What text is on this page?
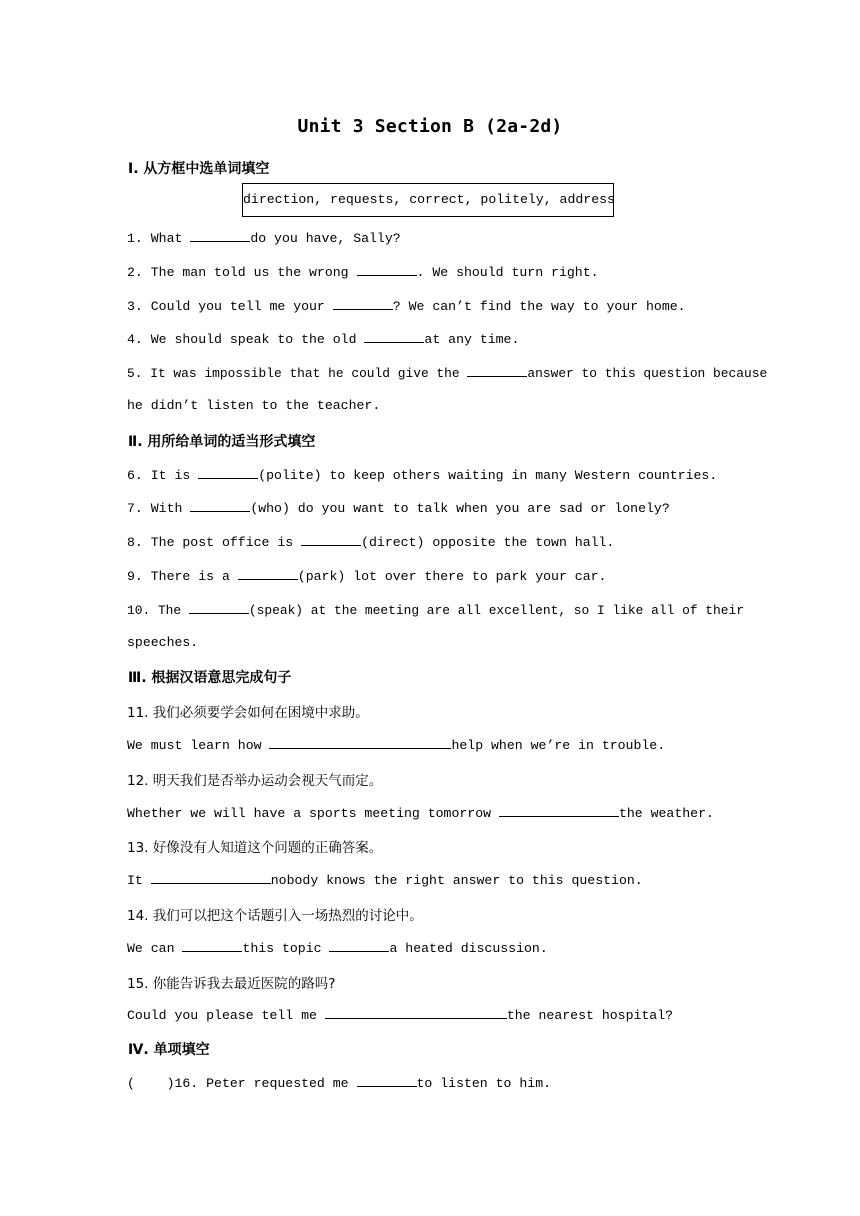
Unit 3 Section B (2a-2d)
Ⅰ. 从方框中选单词填空
direction, requests, correct, politely, address
1. What	do you have, Sally?
2. The man told us the wrong	. We should turn right.
3. Could you tell me your	? We can’t find the way to your home.
4. We should speak to the old	at any time.
5. It was impossible that he could give the	answer to this question because
he didn’t listen to the teacher.
Ⅱ. 用所给单词的适当形式填空
6. It is	(polite) to keep others waiting in many Western countries.
7. With	(who) do you want to talk when you are sad or lonely?
8. The post office is	(direct) opposite the town hall.
9. There is a	(park) lot over there to park your car.
10. The	(speak) at the meeting are all excellent, so I like all of their
speeches.
Ⅲ. 根据汉语意思完成句子
11. 我们必须要学会如何在困境中求助。
We must learn how	help when we’re in trouble.
12. 明天我们是否举办运动会视天气而定。
Whether we will have a sports meeting tomorrow	the weather.
13. 好像没有人知道这个问题的正确答案。
It	nobody knows the right answer to this question.
14. 我们可以把这个话题引入一场热烈的讨论中。
We can	this topic	a heated discussion.
15. 你能告诉我去最近医院的路吗?
Could you please tell me	the nearest hospital?
Ⅳ. 单项填空
(    )16. Peter requested me	to listen to him.
